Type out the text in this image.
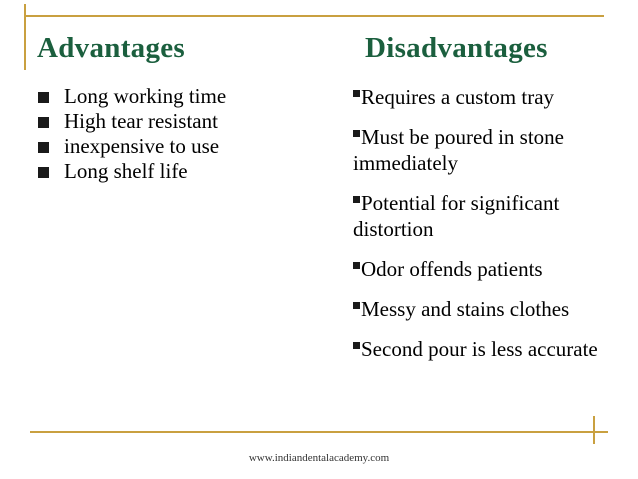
Advantages	Disadvantages
Long working time
High tear resistant
inexpensive to use
Long shelf life
Requires a custom tray
Must be poured in stone immediately
Potential for significant distortion
Odor offends patients
Messy and stains clothes
Second pour is less accurate
www.indiandentalacademy.com
